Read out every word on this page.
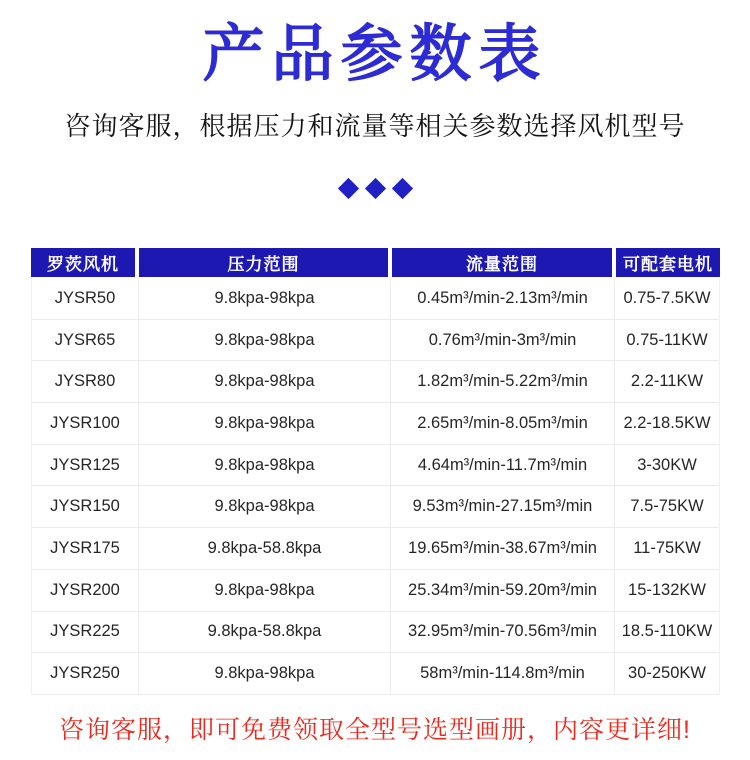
产品参数表
咨询客服，根据压力和流量等相关参数选择风机型号
罗茨风机	压力范围	流量范围	可配套电机
JYSR50	9.8kpa-98kpa	0.45m³/min-2.13m³/min	0.75-7.5KW
JYSR65	9.8kpa-98kpa	0.76m³/min-3m³/min	0.75-11KW
JYSR80	9.8kpa-98kpa	1.82m³/min-5.22m³/min	2.2-11KW
JYSR100	9.8kpa-98kpa	2.65m³/min-8.05m³/min	2.2-18.5KW
JYSR125	9.8kpa-98kpa	4.64m³/min-11.7m³/min	3-30KW
JYSR150	9.8kpa-98kpa	9.53m³/min-27.15m³/min	7.5-75KW
JYSR175	9.8kpa-58.8kpa	19.65m³/min-38.67m³/min	11-75KW
JYSR200	9.8kpa-98kpa	25.34m³/min-59.20m³/min	15-132KW
JYSR225	9.8kpa-58.8kpa	32.95m³/min-70.56m³/min	18.5-110KW
JYSR250	9.8kpa-98kpa	58m³/min-114.8m³/min	30-250KW
咨询客服，即可免费领取全型号选型画册，内容更详细!
